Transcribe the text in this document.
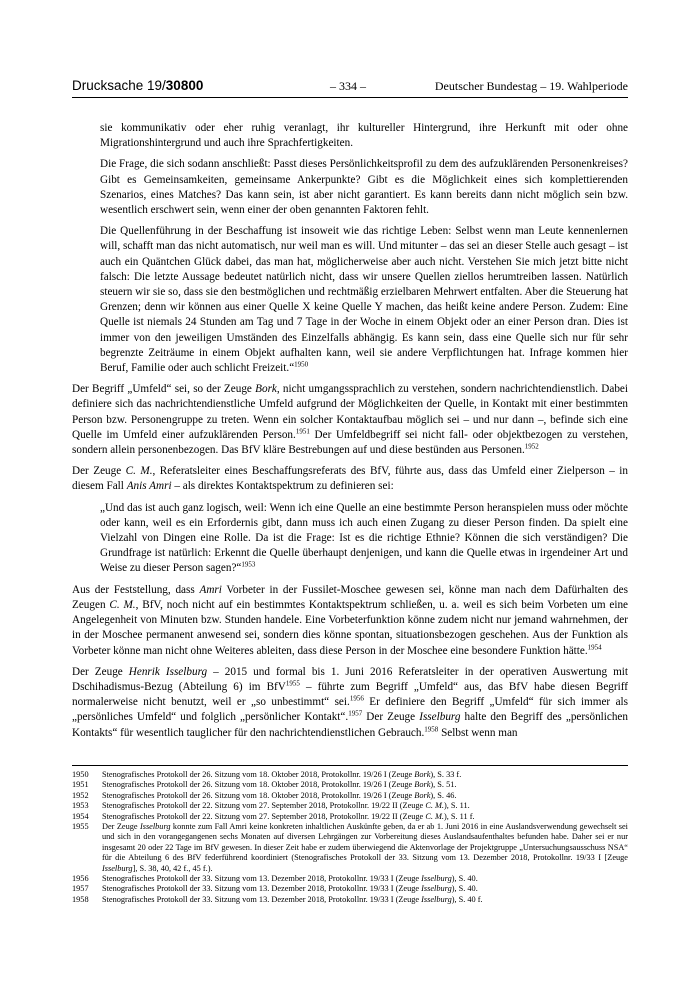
Drucksache 19/30800	– 334 –	Deutscher Bundestag – 19. Wahlperiode

sie kommunikativ oder eher ruhig veranlagt, ihr kultureller Hintergrund, ihre Herkunft mit oder ohne Migrationshintergrund und auch ihre Sprachfertigkeiten.

Die Frage, die sich sodann anschließt: Passt dieses Persönlichkeitsprofil zu dem des aufzuklärenden Personenkreises? Gibt es Gemeinsamkeiten, gemeinsame Ankerpunkte? Gibt es die Möglichkeit eines sich komplettierenden Szenarios, eines Matches? Das kann sein, ist aber nicht garantiert. Es kann bereits dann nicht möglich sein bzw. wesentlich erschwert sein, wenn einer der oben genannten Faktoren fehlt.

Die Quellenführung in der Beschaffung ist insoweit wie das richtige Leben: Selbst wenn man Leute kennenlernen will, schafft man das nicht automatisch, nur weil man es will. Und mitunter – das sei an dieser Stelle auch gesagt – ist auch ein Quäntchen Glück dabei, das man hat, möglicherweise aber auch nicht. Verstehen Sie mich jetzt bitte nicht falsch: Die letzte Aussage bedeutet natürlich nicht, dass wir unsere Quellen ziellos herumtreiben lassen. Natürlich steuern wir sie so, dass sie den bestmöglichen und rechtmäßig erzielbaren Mehrwert entfalten. Aber die Steuerung hat Grenzen; denn wir können aus einer Quelle X keine Quelle Y machen, das heißt keine andere Person. Zudem: Eine Quelle ist niemals 24 Stunden am Tag und 7 Tage in der Woche in einem Objekt oder an einer Person dran. Dies ist immer von den jeweiligen Umständen des Einzelfalls abhängig. Es kann sein, dass eine Quelle sich nur für sehr begrenzte Zeiträume in einem Objekt aufhalten kann, weil sie andere Verpflichtungen hat. Infrage kommen hier Beruf, Familie oder auch schlicht Freizeit.“$^{1950}$

Der Begriff „Umfeld“ sei, so der Zeuge Bork, nicht umgangssprachlich zu verstehen, sondern nachrichtendienstlich. Dabei definiere sich das nachrichtendienstliche Umfeld aufgrund der Möglichkeiten der Quelle, in Kontakt mit einer bestimmten Person bzw. Personengruppe zu treten. Wenn ein solcher Kontaktaufbau möglich sei – und nur dann –, befinde sich eine Quelle im Umfeld einer aufzuklärenden Person.$^{1951}$ Der Umfeldbegriff sei nicht fall- oder objektbezogen zu verstehen, sondern allein personenbezogen. Das BfV kläre Bestrebungen auf und diese bestünden aus Personen.$^{1952}$

Der Zeuge C. M., Referatsleiter eines Beschaffungsreferats des BfV, führte aus, dass das Umfeld einer Zielperson – in diesem Fall Anis Amri – als direktes Kontaktspektrum zu definieren sei:

„Und das ist auch ganz logisch, weil: Wenn ich eine Quelle an eine bestimmte Person heranspielen muss oder möchte oder kann, weil es ein Erfordernis gibt, dann muss ich auch einen Zugang zu dieser Person finden. Da spielt eine Vielzahl von Dingen eine Rolle. Da ist die Frage: Ist es die richtige Ethnie? Können die sich verständigen? Die Grundfrage ist natürlich: Erkennt die Quelle überhaupt denjenigen, und kann die Quelle etwas in irgendeiner Art und Weise zu dieser Person sagen?“$^{1953}$

Aus der Feststellung, dass Amri Vorbeter in der Fussilet-Moschee gewesen sei, könne man nach dem Dafürhalten des Zeugen C. M., BfV, noch nicht auf ein bestimmtes Kontaktspektrum schließen, u. a. weil es sich beim Vorbeten um eine Angelegenheit von Minuten bzw. Stunden handele. Eine Vorbeterfunktion könne zudem nicht nur jemand wahrnehmen, der in der Moschee permanent anwesend sei, sondern dies könne spontan, situationsbezogen geschehen. Aus der Funktion als Vorbeter könne man nicht ohne Weiteres ableiten, dass diese Person in der Moschee eine besondere Funktion hätte.$^{1954}$

Der Zeuge Henrik Isselburg – 2015 und formal bis 1. Juni 2016 Referatsleiter in der operativen Auswertung mit Dschihadismus-Bezug (Abteilung 6) im BfV$^{1955}$ – führte zum Begriff „Umfeld“ aus, das BfV habe diesen Begriff normalerweise nicht benutzt, weil er „so unbestimmt“ sei.$^{1956}$ Er definiere den Begriff „Umfeld“ für sich immer als „persönliches Umfeld“ und folglich „persönlicher Kontakt“.$^{1957}$ Der Zeuge Isselburg halte den Begriff des „persönlichen Kontakts“ für wesentlich tauglicher für den nachrichtendienstlichen Gebrauch.$^{1958}$ Selbst wenn man

1950 Stenografisches Protokoll der 26. Sitzung vom 18. Oktober 2018, Protokollnr. 19/26 I (Zeuge Bork), S. 33 f.
1951 Stenografisches Protokoll der 26. Sitzung vom 18. Oktober 2018, Protokollnr. 19/26 I (Zeuge Bork), S. 51.
1952 Stenografisches Protokoll der 26. Sitzung vom 18. Oktober 2018, Protokollnr. 19/26 I (Zeuge Bork), S. 46.
1953 Stenografisches Protokoll der 22. Sitzung vom 27. September 2018, Protokollnr. 19/22 II (Zeuge C. M.), S. 11.
1954 Stenografisches Protokoll der 22. Sitzung vom 27. September 2018, Protokollnr. 19/22 II (Zeuge C. M.), S. 11 f.
1955 Der Zeuge Isselburg konnte zum Fall Amri keine konkreten inhaltlichen Auskünfte geben, da er ab 1. Juni 2016 in eine Auslandsverwendung gewechselt sei und sich in den vorangegangenen sechs Monaten auf diversen Lehrgängen zur Vorbereitung dieses Auslandsaufenthaltes befunden habe. Daher sei er nur insgesamt 20 oder 22 Tage im BfV gewesen. In dieser Zeit habe er zudem überwiegend die Aktenvorlage der Projektgruppe „Untersuchungsausschuss NSA“ für die Abteilung 6 des BfV federführend koordiniert (Stenografisches Protokoll der 33. Sitzung vom 13. Dezember 2018, Protokollnr. 19/33 I [Zeuge Isselburg], S. 38, 40, 42 f., 45 f.).
1956 Stenografisches Protokoll der 33. Sitzung vom 13. Dezember 2018, Protokollnr. 19/33 I (Zeuge Isselburg), S. 40.
1957 Stenografisches Protokoll der 33. Sitzung vom 13. Dezember 2018, Protokollnr. 19/33 I (Zeuge Isselburg), S. 40.
1958 Stenografisches Protokoll der 33. Sitzung vom 13. Dezember 2018, Protokollnr. 19/33 I (Zeuge Isselburg), S. 40 f.
